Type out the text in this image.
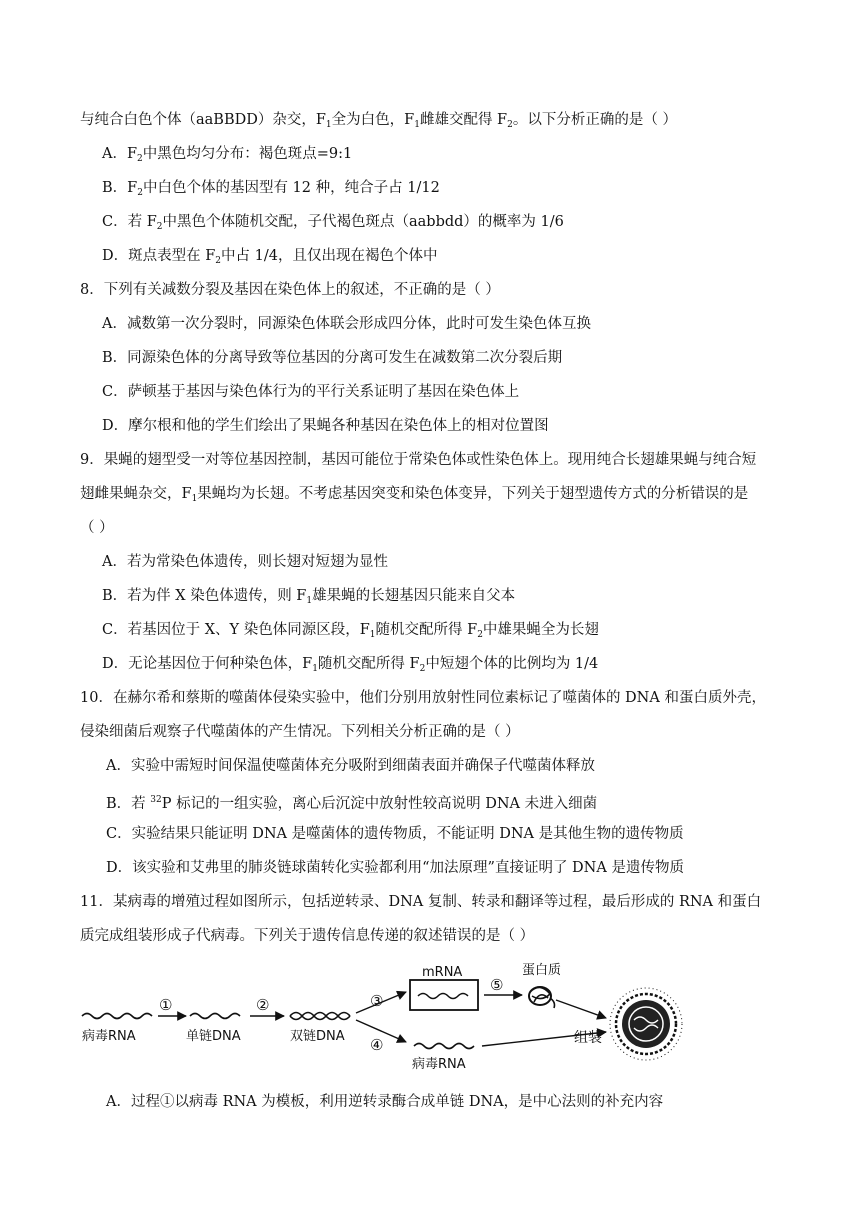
与纯合白色个体（aaBBDD）杂交，$F_1$全为白色，$F_1$雌雄交配得 $F_2$。以下分析正确的是（ ）
A．$F_2$中黑色均匀分布：褐色斑点=9:1
B．$F_2$中白色个体的基因型有 12 种，纯合子占 1/12
C．若 $F_2$中黑色个体随机交配，子代褐色斑点（aabbdd）的概率为 1/6
D．斑点表型在 $F_2$中占 1/4，且仅出现在褐色个体中
8．下列有关减数分裂及基因在染色体上的叙述，不正确的是（ ）
A．减数第一次分裂时，同源染色体联会形成四分体，此时可发生染色体互换
B．同源染色体的分离导致等位基因的分离可发生在减数第二次分裂后期
C．萨顿基于基因与染色体行为的平行关系证明了基因在染色体上
D．摩尔根和他的学生们绘出了果蝇各种基因在染色体上的相对位置图
9．果蝇的翅型受一对等位基因控制，基因可能位于常染色体或性染色体上。现用纯合长翅雄果蝇与纯合短
翅雌果蝇杂交，$F_1$果蝇均为长翅。不考虑基因突变和染色体变异，下列关于翅型遗传方式的分析错误的是
（ ）
A．若为常染色体遗传，则长翅对短翅为显性
B．若为伴 X 染色体遗传，则 $F_1$雄果蝇的长翅基因只能来自父本
C．若基因位于 X、Y 染色体同源区段，$F_1$随机交配所得 $F_2$中雄果蝇全为长翅
D．无论基因位于何种染色体，$F_1$随机交配所得 $F_2$中短翅个体的比例均为 1/4
10．在赫尔希和蔡斯的噬菌体侵染实验中，他们分别用放射性同位素标记了噬菌体的 DNA 和蛋白质外壳，
侵染细菌后观察子代噬菌体的产生情况。下列相关分析正确的是（ ）
A．实验中需短时间保温使噬菌体充分吸附到细菌表面并确保子代噬菌体释放
B．若 $^{32}$P 标记的一组实验，离心后沉淀中放射性较高说明 DNA 未进入细菌
C．实验结果只能证明 DNA 是噬菌体的遗传物质，不能证明 DNA 是其他生物的遗传物质
D．该实验和艾弗里的肺炎链球菌转化实验都利用“加法原理”直接证明了 DNA 是遗传物质
11．某病毒的增殖过程如图所示，包括逆转录、DNA 复制、转录和翻译等过程，最后形成的 RNA 和蛋白
质完成组装形成子代病毒。下列关于遗传信息传递的叙述错误的是（ ）
病毒RNA
①
单链DNA
②
双链DNA
③
④
mRNA
病毒RNA
⑤
蛋白质
组装
A．过程①以病毒 RNA 为模板，利用逆转录酶合成单链 DNA，是中心法则的补充内容
